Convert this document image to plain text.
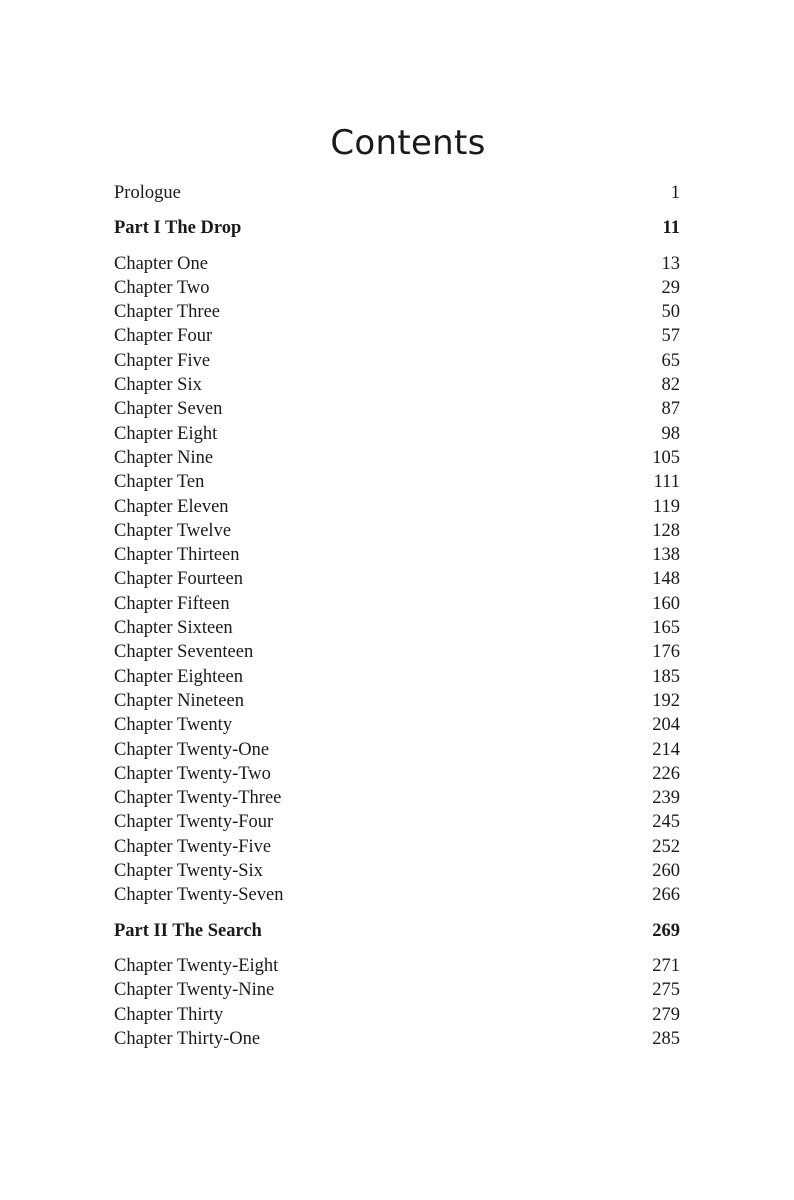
Contents
Prologue	1
Part I The Drop	11
Chapter One	13
Chapter Two	29
Chapter Three	50
Chapter Four	57
Chapter Five	65
Chapter Six	82
Chapter Seven	87
Chapter Eight	98
Chapter Nine	105
Chapter Ten	111
Chapter Eleven	119
Chapter Twelve	128
Chapter Thirteen	138
Chapter Fourteen	148
Chapter Fifteen	160
Chapter Sixteen	165
Chapter Seventeen	176
Chapter Eighteen	185
Chapter Nineteen	192
Chapter Twenty	204
Chapter Twenty-One	214
Chapter Twenty-Two	226
Chapter Twenty-Three	239
Chapter Twenty-Four	245
Chapter Twenty-Five	252
Chapter Twenty-Six	260
Chapter Twenty-Seven	266
Part II The Search	269
Chapter Twenty-Eight	271
Chapter Twenty-Nine	275
Chapter Thirty	279
Chapter Thirty-One	285
